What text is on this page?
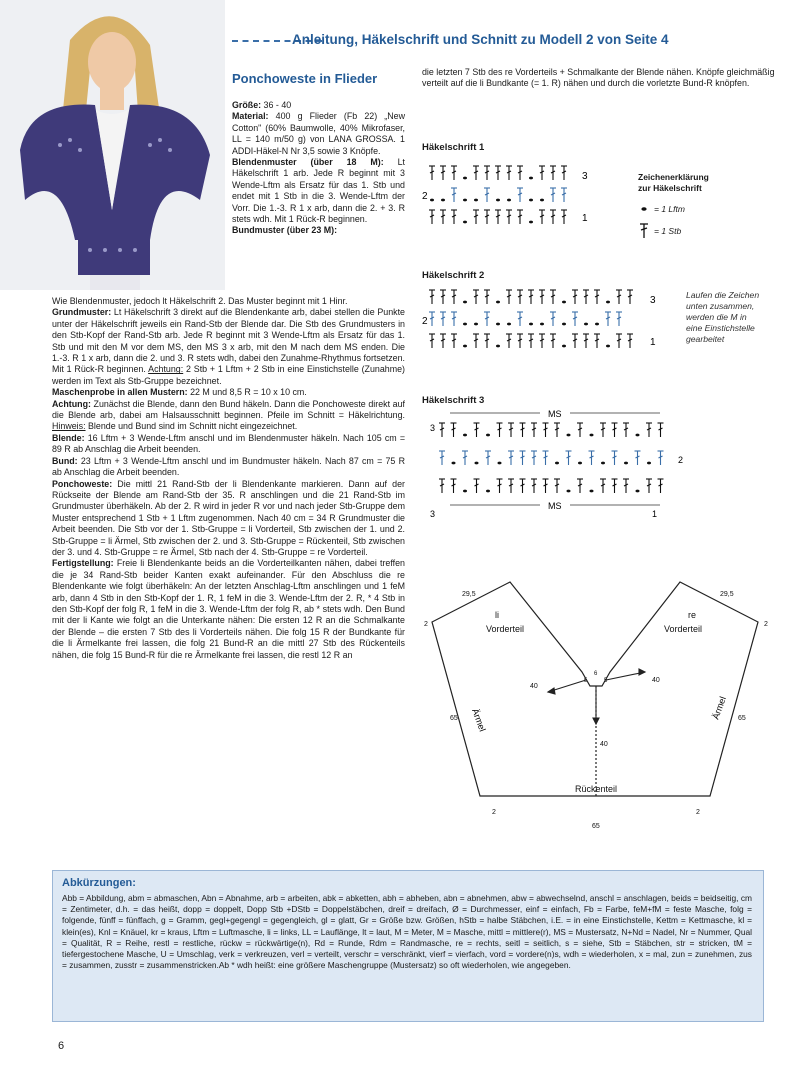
Anleitung, Häkelschrift und Schnitt zu Modell 2 von Seite 4
Ponchoweste in Flieder
Größe: 36 - 40
Material: 400 g Flieder (Fb 22) „New Cotton" (60% Baumwolle, 40% Mikrofaser, LL = 140 m/50 g) von LANA GROSSA. 1 ADDI-Häkel-N Nr 3,5 sowie 3 Knöpfe.
Blendenmuster (über 18 M): Lt Häkelschrift 1 arb. Jede R beginnt mit 3 Wende-Lftm als Ersatz für das 1. Stb und endet mit 1 Stb in die 3. Wende-Lftm der Vorr. Die 1.-3. R 1 x arb, dann die 2. + 3. R stets wdh. Mit 1 Rück-R beginnen.
Bundmuster (über 23 M):
Wie Blendenmuster, jedoch lt Häkelschrift 2. Das Muster beginnt mit 1 Hinr.
Grundmuster: Lt Häkelschrift 3 direkt auf die Blendenkante arb, dabei stellen die Punkte unter der Häkelschrift jeweils ein Rand-Stb der Blende dar. Die Stb des Grundmusters in den Stb-Kopf der Rand-Stb arb. Jede R beginnt mit 3 Wende-Lftm als Ersatz für das 1. Stb und mit den M vor dem MS, den MS 3 x arb, mit den M nach dem MS enden. Die 1.-3. R 1 x arb, dann die 2. und 3. R stets wdh, dabei den Zunahme-Rhythmus fortsetzen. Mit 1 Rück-R beginnen. Achtung: 2 Stb + 1 Lftm + 2 Stb in eine Einstichstelle (Zunahme) werden im Text als Stb-Gruppe bezeichnet.
Maschenprobe in allen Mustern: 22 M und 8,5 R = 10 x 10 cm.
Achtung: Zunächst die Blende, dann den Bund häkeln. Dann die Ponchoweste direkt auf die Blende arb, dabei am Halsausschnitt beginnen. Pfeile im Schnitt = Häkelrichtung. Hinweis: Blende und Bund sind im Schnitt nicht eingezeichnet.
Blende: 16 Lftm + 3 Wende-Lftm anschl und im Blendenmuster häkeln. Nach 105 cm = 89 R ab Anschlag die Arbeit beenden.
Bund: 23 Lftm + 3 Wende-Lftm anschl und im Bundmuster häkeln. Nach 87 cm = 75 R ab Anschlag die Arbeit beenden.
Ponchoweste: Die mittl 21 Rand-Stb der li Blendenkante markieren. Dann auf der Rückseite der Blende am Rand-Stb der 35. R anschlingen und die 21 Rand-Stb im Grundmuster überhäkeln. Ab der 2. R wird in jeder R vor und nach jeder Stb-Gruppe dem Muster entsprechend 1 Stb + 1 Lftm zugenommen. Nach 40 cm = 34 R Grundmuster die Arbeit beenden. Die Stb vor der 1. Stb-Gruppe = li Vorderteil, Stb zwischen der 1. und 2. Stb-Gruppe = li Ärmel, Stb zwischen der 2. und 3. Stb-Gruppe = Rückenteil, Stb zwischen der 3. und 4. Stb-Gruppe = re Ärmel, Stb nach der 4. Stb-Gruppe = re Vorderteil.
Fertigstellung: Freie li Blendenkante beids an die Vorderteilkanten nähen, dabei treffen die je 34 Rand-Stb beider Kanten exakt aufeinander. Für den Abschluss die re Blendenkante wie folgt überhäkeln: An der letzten Anschlag-Lftm anschlingen und 1 feM arb, dann 4 Stb in den Stb-Kopf der 1. R, 1 feM in die 3. Wende-Lftm der 2. R, * 4 Stb in den Stb-Kopf der folg R, 1 feM in die 3. Wende-Lftm der folg R, ab * stets wdh. Den Bund mit der li Kante wie folgt an die Unterkante nähen: Die ersten 12 R an die Schmalkante der Blende – die ersten 7 Stb des li Vorderteils nähen. Die folg 15 R der Bundkante für die li Ärmelkante frei lassen, die folg 21 Bund-R an die mittl 27 Stb des Rückenteils nähen, die folg 15 Bund-R für die re Ärmelkante frei lassen, die restl 12 R an
die letzten 7 Stb des re Vorderteils + Schmalkante der Blende nähen. Knöpfe gleichmäßig verteilt auf die li Bundkante (= 1. R) nähen und durch die vorletzte Bund-R knöpfen.
Häkelschrift 1
3
2
1
Zeichenerklärung
zur Häkelschrift
= 1 Lftm
= 1 Stb
Häkelschrift 2
3
2
1
Laufen die Zeichen
unten zusammen,
werden die M in
eine Einstichstelle
gearbeitet
Häkelschrift 3
MS
MS
3
2
3	1
li
Vorderteil
re
Vorderteil
Rückenteil
29,5	29,5
65	65
65
40
40
40
2	2
2	2
5	5
6
Ärmel	Ärmel
Abkürzungen:
Abb = Abbildung, abm = abmaschen, Abn = Abnahme, arb = arbeiten, abk = abketten, abh = abheben, abn = abnehmen, abw = abwechselnd, anschl = anschlagen, beids = beidseitig, cm = Zentimeter, d.h. = das heißt, dopp = doppelt, Dopp Stb +DStb = Doppelstäbchen, dreif = dreifach, Ø = Durchmesser, einf = einfach, Fb = Farbe, feM+fM = feste Masche, folg = folgende, fünff = fünffach, g = Gramm, gegl+gegengl = gegengleich, gl = glatt, Gr = Größe bzw. Größen, hStb = halbe Stäbchen, i.E. = in eine Einstichstelle, Kettm = Kettmasche, kl = klein(es), Knl = Knäuel, kr = kraus, Lftm = Luftmasche, li = links, LL = Lauflänge, lt = laut, M = Meter, M = Masche, mittl = mittlere(r), MS = Mustersatz, N+Nd = Nadel, Nr = Nummer, Qual = Qualität, R = Reihe, restl = restliche, rückw = rückwärtige(n), Rd = Runde, Rdm = Randmasche, re = rechts, seitl = seitlich, s = siehe, Stb = Stäbchen, str = stricken, tM = tiefergestochene Masche, U = Umschlag, verk = verkreuzen, verl = verteilt, verschr = verschränkt, vierf = vierfach, vord = vordere(n)s, wdh = wiederholen, x = mal, zun = zunehmen, zus = zusammen, zusstr = zusammenstricken.Ab * wdh heißt: eine größere Maschengruppe (Mustersatz) so oft wiederholen, wie angegeben.
6
